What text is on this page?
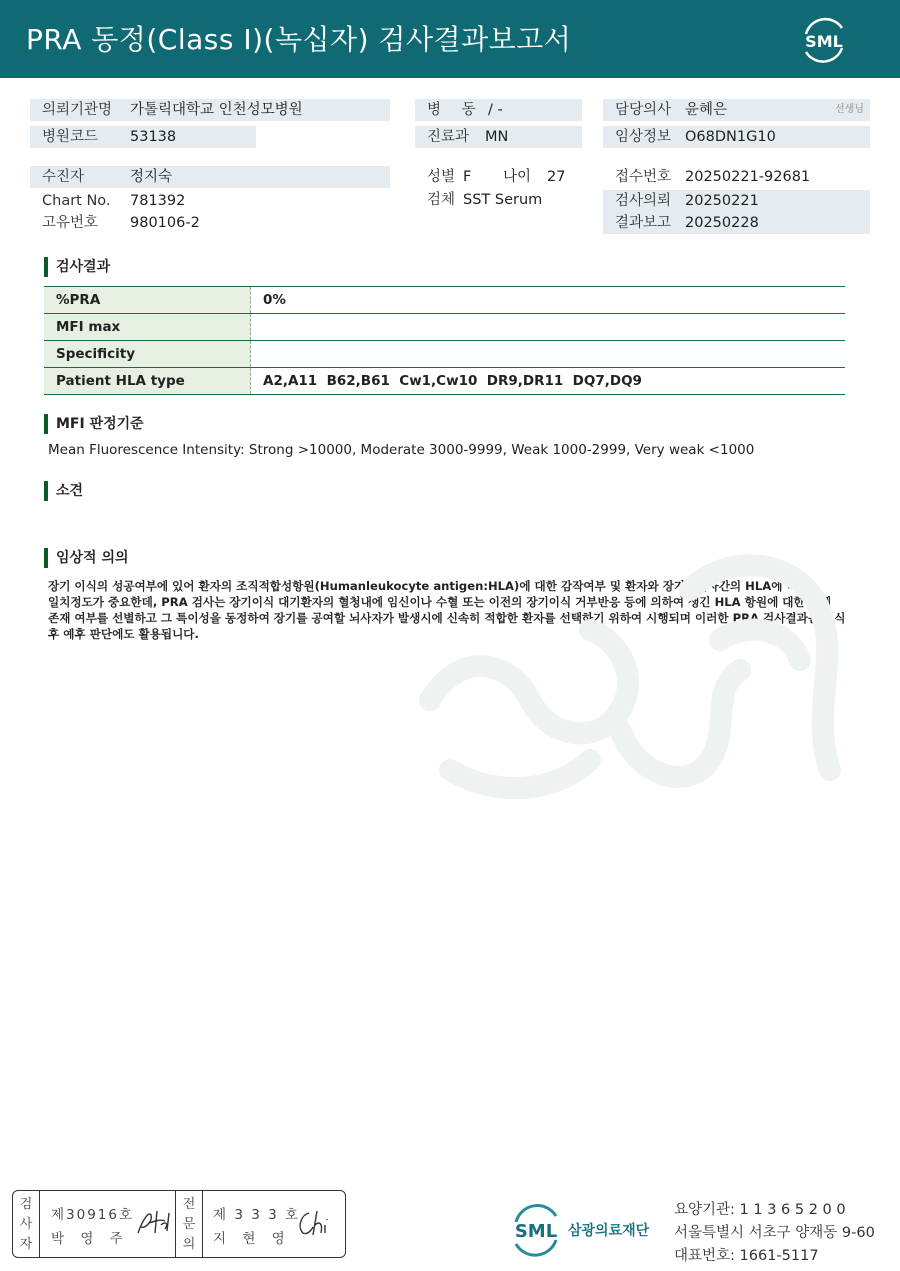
PRA 동정(Class I)(녹십자) 검사결과보고서	SML
의뢰기관명 가톨릭대학교 인천성모병원
병원코드 53138
병 동 / -
진료과 MN
담당의사 윤혜은	선생님
임상정보 O68DN1G10
수진자	정지숙
Chart No. 781392
고유번호 980106-2
성별 F 나이 27
검체 SST Serum
접수번호 20250221-92681
검사의뢰 20250221
결과보고 20250228
검사결과
%PRA	0%
MFI max	
Specificity	
Patient HLA type	A2,A11  B62,B61  Cw1,Cw10  DR9,DR11  DQ7,DQ9
MFI 판정기준
Mean Fluorescence Intensity: Strong >10000, Moderate 3000-9999, Weak 1000-2999, Very weak <1000
소견
임상적 의의
장기 이식의 성공여부에 있어 환자의 조직적합성항원(Humanleukocyte antigen:HLA)에 대한 감작여부 및 환자와 장기공여자간의 HLA에 대한
일치정도가 중요한데, PRA 검사는 장기이식 대기환자의 혈청내에 임신이나 수혈 또는 이전의 장기이식 거부반응 등에 의하여 생긴 HLA 항원에 대한 항체
존재 여부를 선별하고 그 특이성을 동정하여 장기를 공여할 뇌사자가 발생시에 신속히 적합한 환자를 선택하기 위하여 시행되며 이러한 PRA 검사결과는 이식
후 예후 판단에도 활용됩니다.
검
사
자
제30916호
박 영 주
전
문
의
제 3 3 3 호
지 현 영	SML 삼광의료재단
요양기관: 1 1 3 6 5 2 0 0
서울특별시 서초구 양재동 9-60
대표번호: 1661-5117
